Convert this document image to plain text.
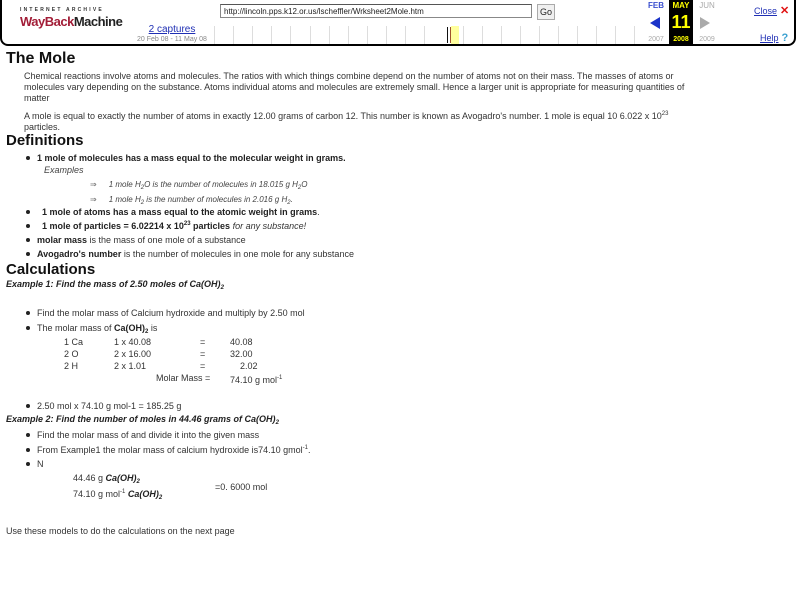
INTERNET ARCHIVE
WayBackMachine
2 captures
20 Feb 08 - 11 May 08
http://lincoln.pps.k12.or.us/lscheffler/Wrksheet2Mole.htm
Go
FEB
2007
MAY
11
2008
JUN
2009
Close ✕
Help ?
The Mole
Chemical reactions involve atoms and molecules. The ratios with which things combine depend on the number of atoms not on their mass. The masses of atoms or
molecules vary depending on the substance. Atoms individual atoms and molecules are extremely small. Hence a larger unit is appropriate for measuring quantities of
matter
A mole is equal to exactly the number of atoms in exactly 12.00 grams of carbon 12. This number is known as Avogadro's number. 1 mole is equal 10 6.022 x $10^{23}$
particles.
Definitions
1 mole of molecules has a mass equal to the molecular weight in grams.
Examples
⇒ 1 mole $H_2O$ is the number of molecules in 18.015 g $H_2O$
⇒ 1 mole $H_2$ is the number of molecules in 2.016 g $H_2$.
1 mole of atoms has a mass equal to the atomic weight in grams.
1 mole of particles = 6.02214 x $10^{23}$ particles for any substance!
molar mass is the mass of one mole of a substance
Avogadro's number is the number of molecules in one mole for any substance
Calculations
Example 1: Find the mass of 2.50 moles of $Ca(OH)_2$
Find the molar mass of Calcium hydroxide and multiply by 2.50 mol
The molar mass of $Ca(OH)_2$ is
1 Ca	1 x 40.08	=	40.08
2 O	2 x 16.00	=	32.00
2 H	2 x 1.01	=	2.02
Molar Mass = 74.10 g mol$^{-1}$
2.50 mol x 74.10 g mol-1 = 185.25 g
Example 2: Find the number of moles in 44.46 grams of $Ca(OH)_2$
Find the molar mass of and divide it into the given mass
From Example1 the molar mass of calcium hydroxide is74.10 gmol$^{-1}$.
N
44.46 g $Ca(OH)_2$
74.10 g mol$^{-1}$ $Ca(OH)_2$
=0. 6000 mol
Use these models to do the calculations on the next page
